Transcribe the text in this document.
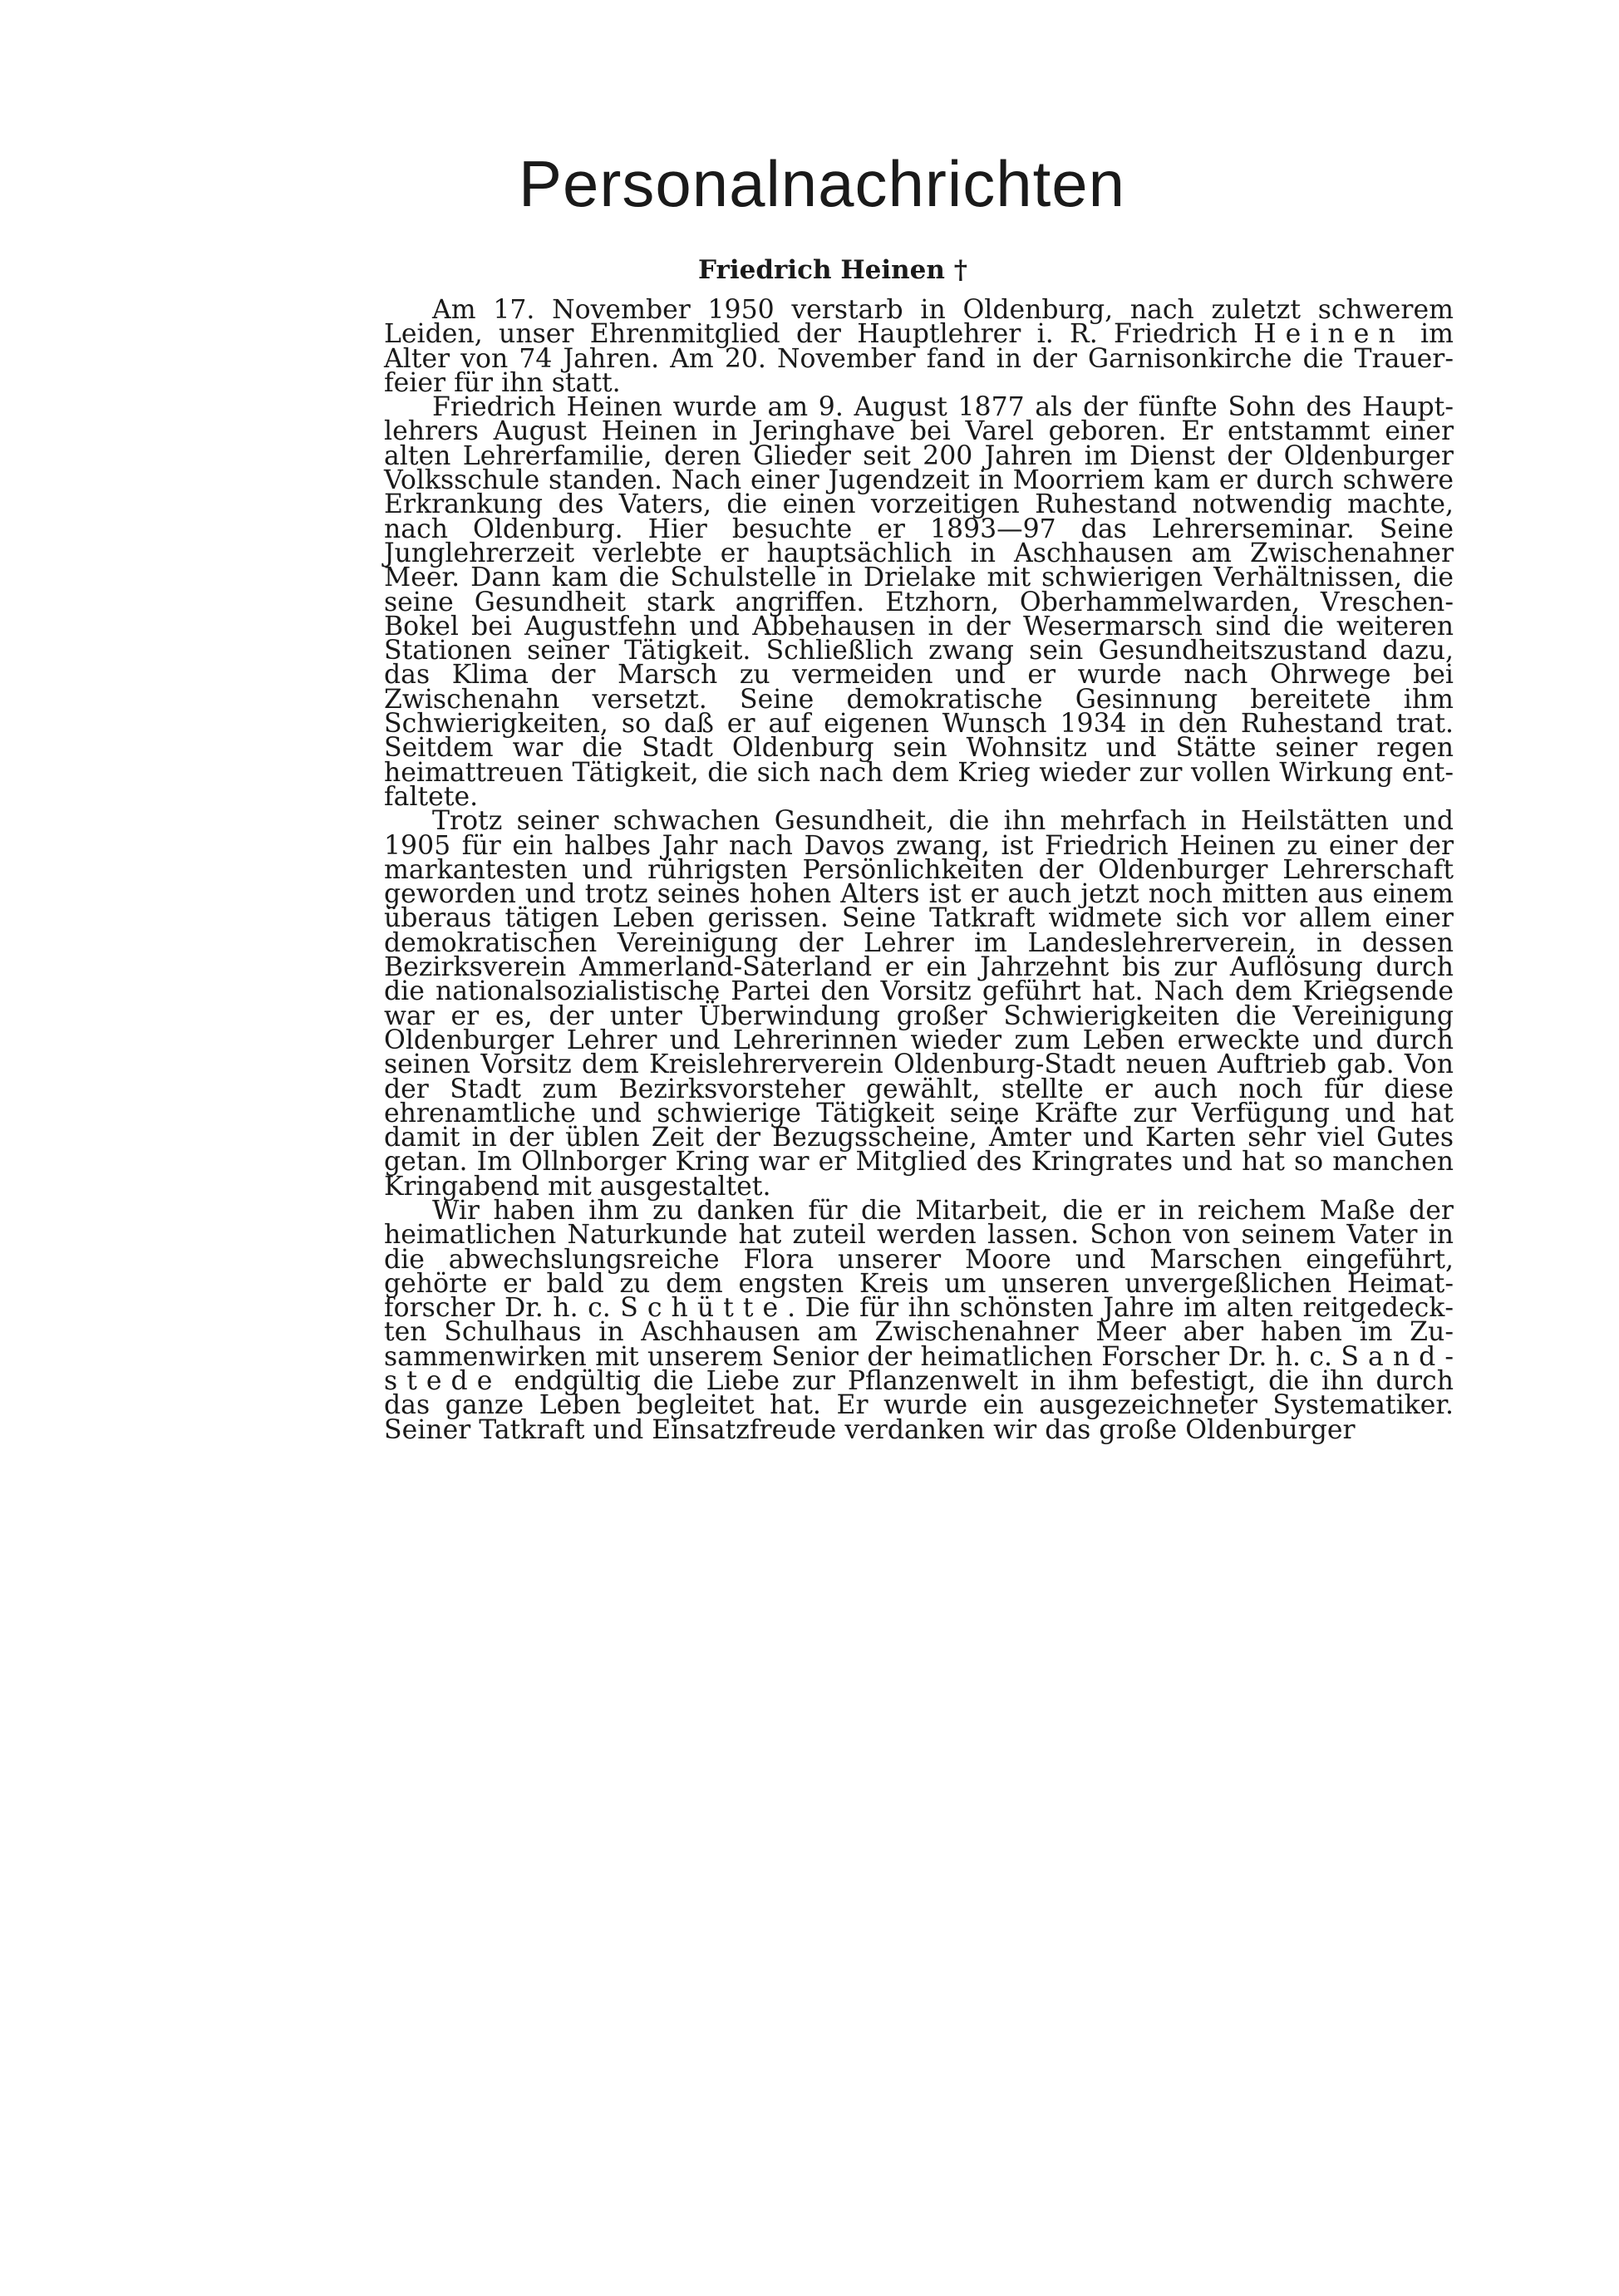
Personalnachrichten
Friedrich Heinen †

Am 17. November 1950 verstarb in Oldenburg, nach zuletzt schwerem Leiden, unser Ehrenmitglied der Hauptlehrer i. R. Friedrich Heinen im Alter von 74 Jahren. Am 20. November fand in der Garnisonkirche die Trauerfeier für ihn statt.

Friedrich Heinen wurde am 9. August 1877 als der fünfte Sohn des Hauptlehrers August Heinen in Jeringhave bei Varel geboren. Er entstammt einer alten Lehrerfamilie, deren Glieder seit 200 Jahren im Dienst der Oldenburger Volksschule standen. Nach einer Jugendzeit in Moorriem kam er durch schwere Erkrankung des Vaters, die einen vorzeitigen Ruhestand notwendig machte, nach Oldenburg. Hier besuchte er 1893—97 das Lehrerseminar. Seine Junglehrerzeit verlebte er hauptsächlich in Aschhausen am Zwischenahner Meer. Dann kam die Schulstelle in Drielake mit schwierigen Verhältnissen, die seine Gesundheit stark angriffen. Etzhorn, Oberhammelwarden, Vreschen-Bokel bei Augustfehn und Abbehausen in der Wesermarsch sind die weiteren Stationen seiner Tätigkeit. Schließlich zwang sein Gesundheitszustand dazu, das Klima der Marsch zu vermeiden und er wurde nach Ohrwege bei Zwischenahn versetzt. Seine demokratische Gesinnung bereitete ihm Schwierigkeiten, so daß er auf eigenen Wunsch 1934 in den Ruhestand trat. Seitdem war die Stadt Oldenburg sein Wohnsitz und Stätte seiner regen heimattreuen Tätigkeit, die sich nach dem Krieg wieder zur vollen Wirkung entfaltete.

Trotz seiner schwachen Gesundheit, die ihn mehrfach in Heilstätten und 1905 für ein halbes Jahr nach Davos zwang, ist Friedrich Heinen zu einer der markantesten und rührigsten Persönlichkeiten der Oldenburger Lehrerschaft geworden und trotz seines hohen Alters ist er auch jetzt noch mitten aus einem überaus tätigen Leben gerissen. Seine Tatkraft widmete sich vor allem einer demokratischen Vereinigung der Lehrer im Landeslehrerverein, in dessen Bezirksverein Ammerland-Saterland er ein Jahrzehnt bis zur Auflösung durch die nationalsozialistische Partei den Vorsitz geführt hat. Nach dem Kriegsende war er es, der unter Überwindung großer Schwierigkeiten die Vereinigung Oldenburger Lehrer und Lehrerinnen wieder zum Leben erweckte und durch seinen Vorsitz dem Kreislehrerverein Oldenburg-Stadt neuen Auftrieb gab. Von der Stadt zum Bezirksvorsteher gewählt, stellte er auch noch für diese ehrenamtliche und schwierige Tätigkeit seine Kräfte zur Verfügung und hat damit in der üblen Zeit der Bezugsscheine, Ämter und Karten sehr viel Gutes getan. Im Ollnborger Kring war er Mitglied des Kringrates und hat so manchen Kringabend mit ausgestaltet.

Wir haben ihm zu danken für die Mitarbeit, die er in reichem Maße der heimatlichen Naturkunde hat zuteil werden lassen. Schon von seinem Vater in die abwechslungsreiche Flora unserer Moore und Marschen eingeführt, gehörte er bald zu dem engsten Kreis um unseren unvergeßlichen Heimatforscher Dr. h. c. Schütte. Die für ihn schönsten Jahre im alten reitgedeckten Schulhaus in Aschhausen am Zwischenahner Meer aber haben im Zusammenwirken mit unserem Senior der heimatlichen Forscher Dr. h. c. Sandstede endgültig die Liebe zur Pflanzenwelt in ihm befestigt, die ihn durch das ganze Leben begleitet hat. Er wurde ein ausgezeichneter Systematiker. Seiner Tatkraft und Einsatzfreude verdanken wir das große Oldenburger
